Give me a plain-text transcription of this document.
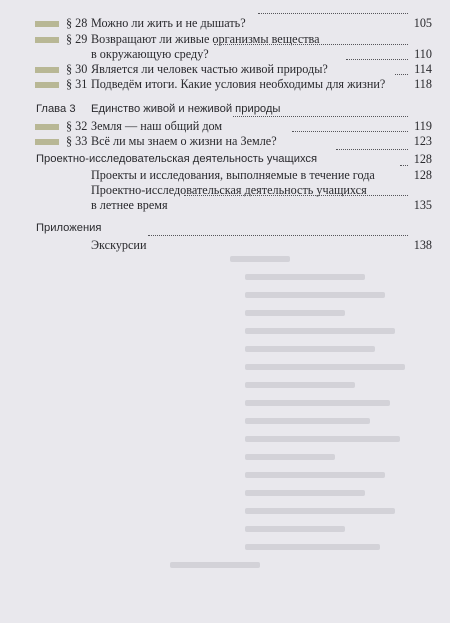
§ 28 Можно ли жить и не дышать?	105
§ 29 Возвращают ли живые организмы вещества
в окружающую среду?	110
§ 30 Является ли человек частью живой природы?	114
§ 31 Подведём итоги. Какие условия необходимы для жизни?	118
Глава 3 Единство живой и неживой природы
§ 32 Земля — наш общий дом	119
§ 33 Всё ли мы знаем о жизни на Земле?	123
Проектно-исследовательская деятельность учащихся	128
Проекты и исследования, выполняемые в течение года	128
Проектно-исследовательская деятельность учащихся
в летнее время	135
Приложения
Экскурсии	138
